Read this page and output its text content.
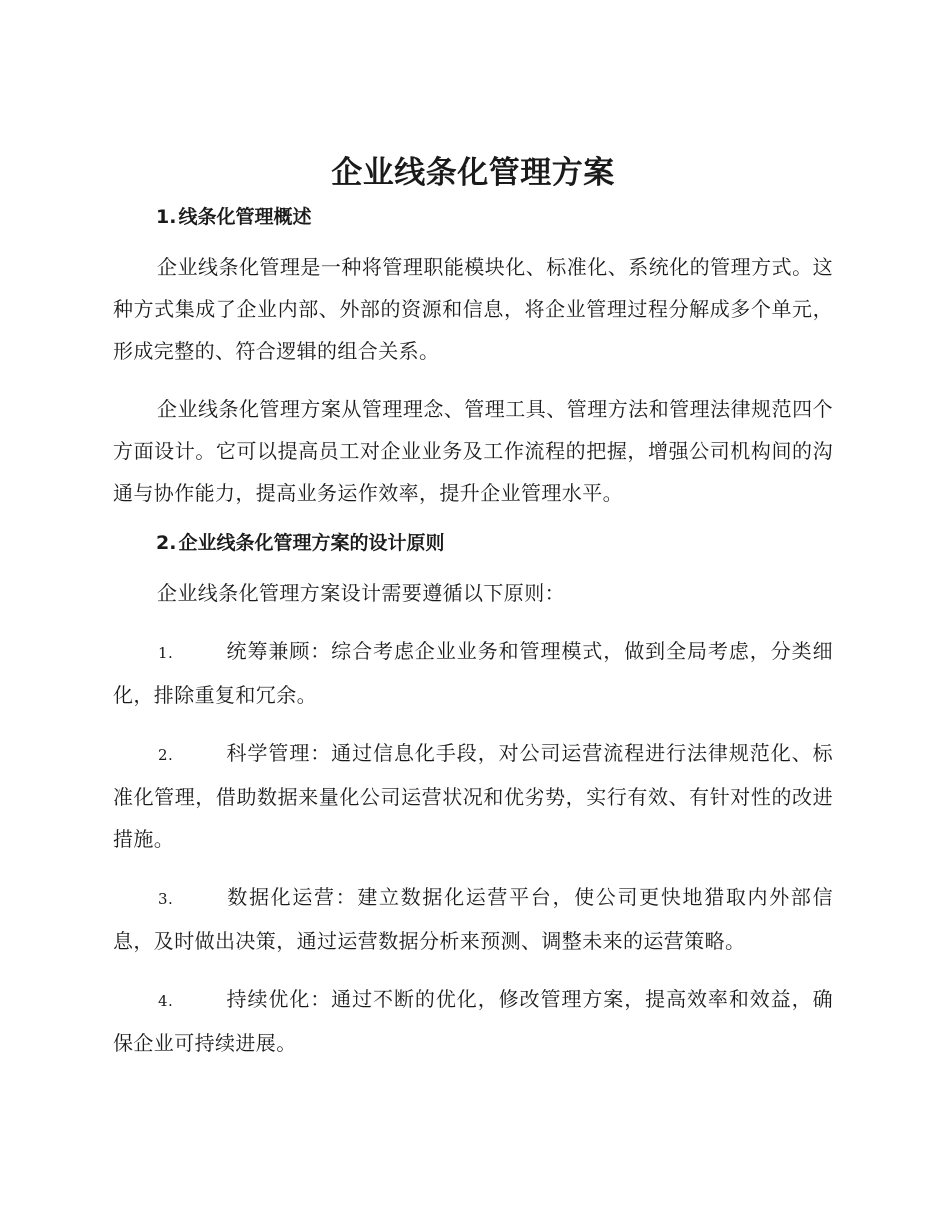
企业线条化管理方案
1. 线条化管理概述

企业线条化管理是一种将管理职能模块化、标准化、系统化的管理方式。这种方式集成了企业内部、外部的资源和信息，将企业管理过程分解成多个单元，形成完整的、符合逻辑的组合关系。

企业线条化管理方案从管理理念、管理工具、管理方法和管理法律规范四个方面设计。它可以提高员工对企业业务及工作流程的把握，增强公司机构间的沟通与协作能力，提高业务运作效率，提升企业管理水平。

2. 企业线条化管理方案的设计原则

企业线条化管理方案设计需要遵循以下原则：

1.	统筹兼顾：综合考虑企业业务和管理模式，做到全局考虑，分类细化，排除重复和冗余。

2.	科学管理：通过信息化手段，对公司运营流程进行法律规范化、标准化管理，借助数据来量化公司运营状况和优劣势，实行有效、有针对性的改进措施。

3.	数据化运营：建立数据化运营平台，使公司更快地猎取内外部信息，及时做出决策，通过运营数据分析来预测、调整未来的运营策略。

4.	持续优化：通过不断的优化，修改管理方案，提高效率和效益，确保企业可持续进展。
